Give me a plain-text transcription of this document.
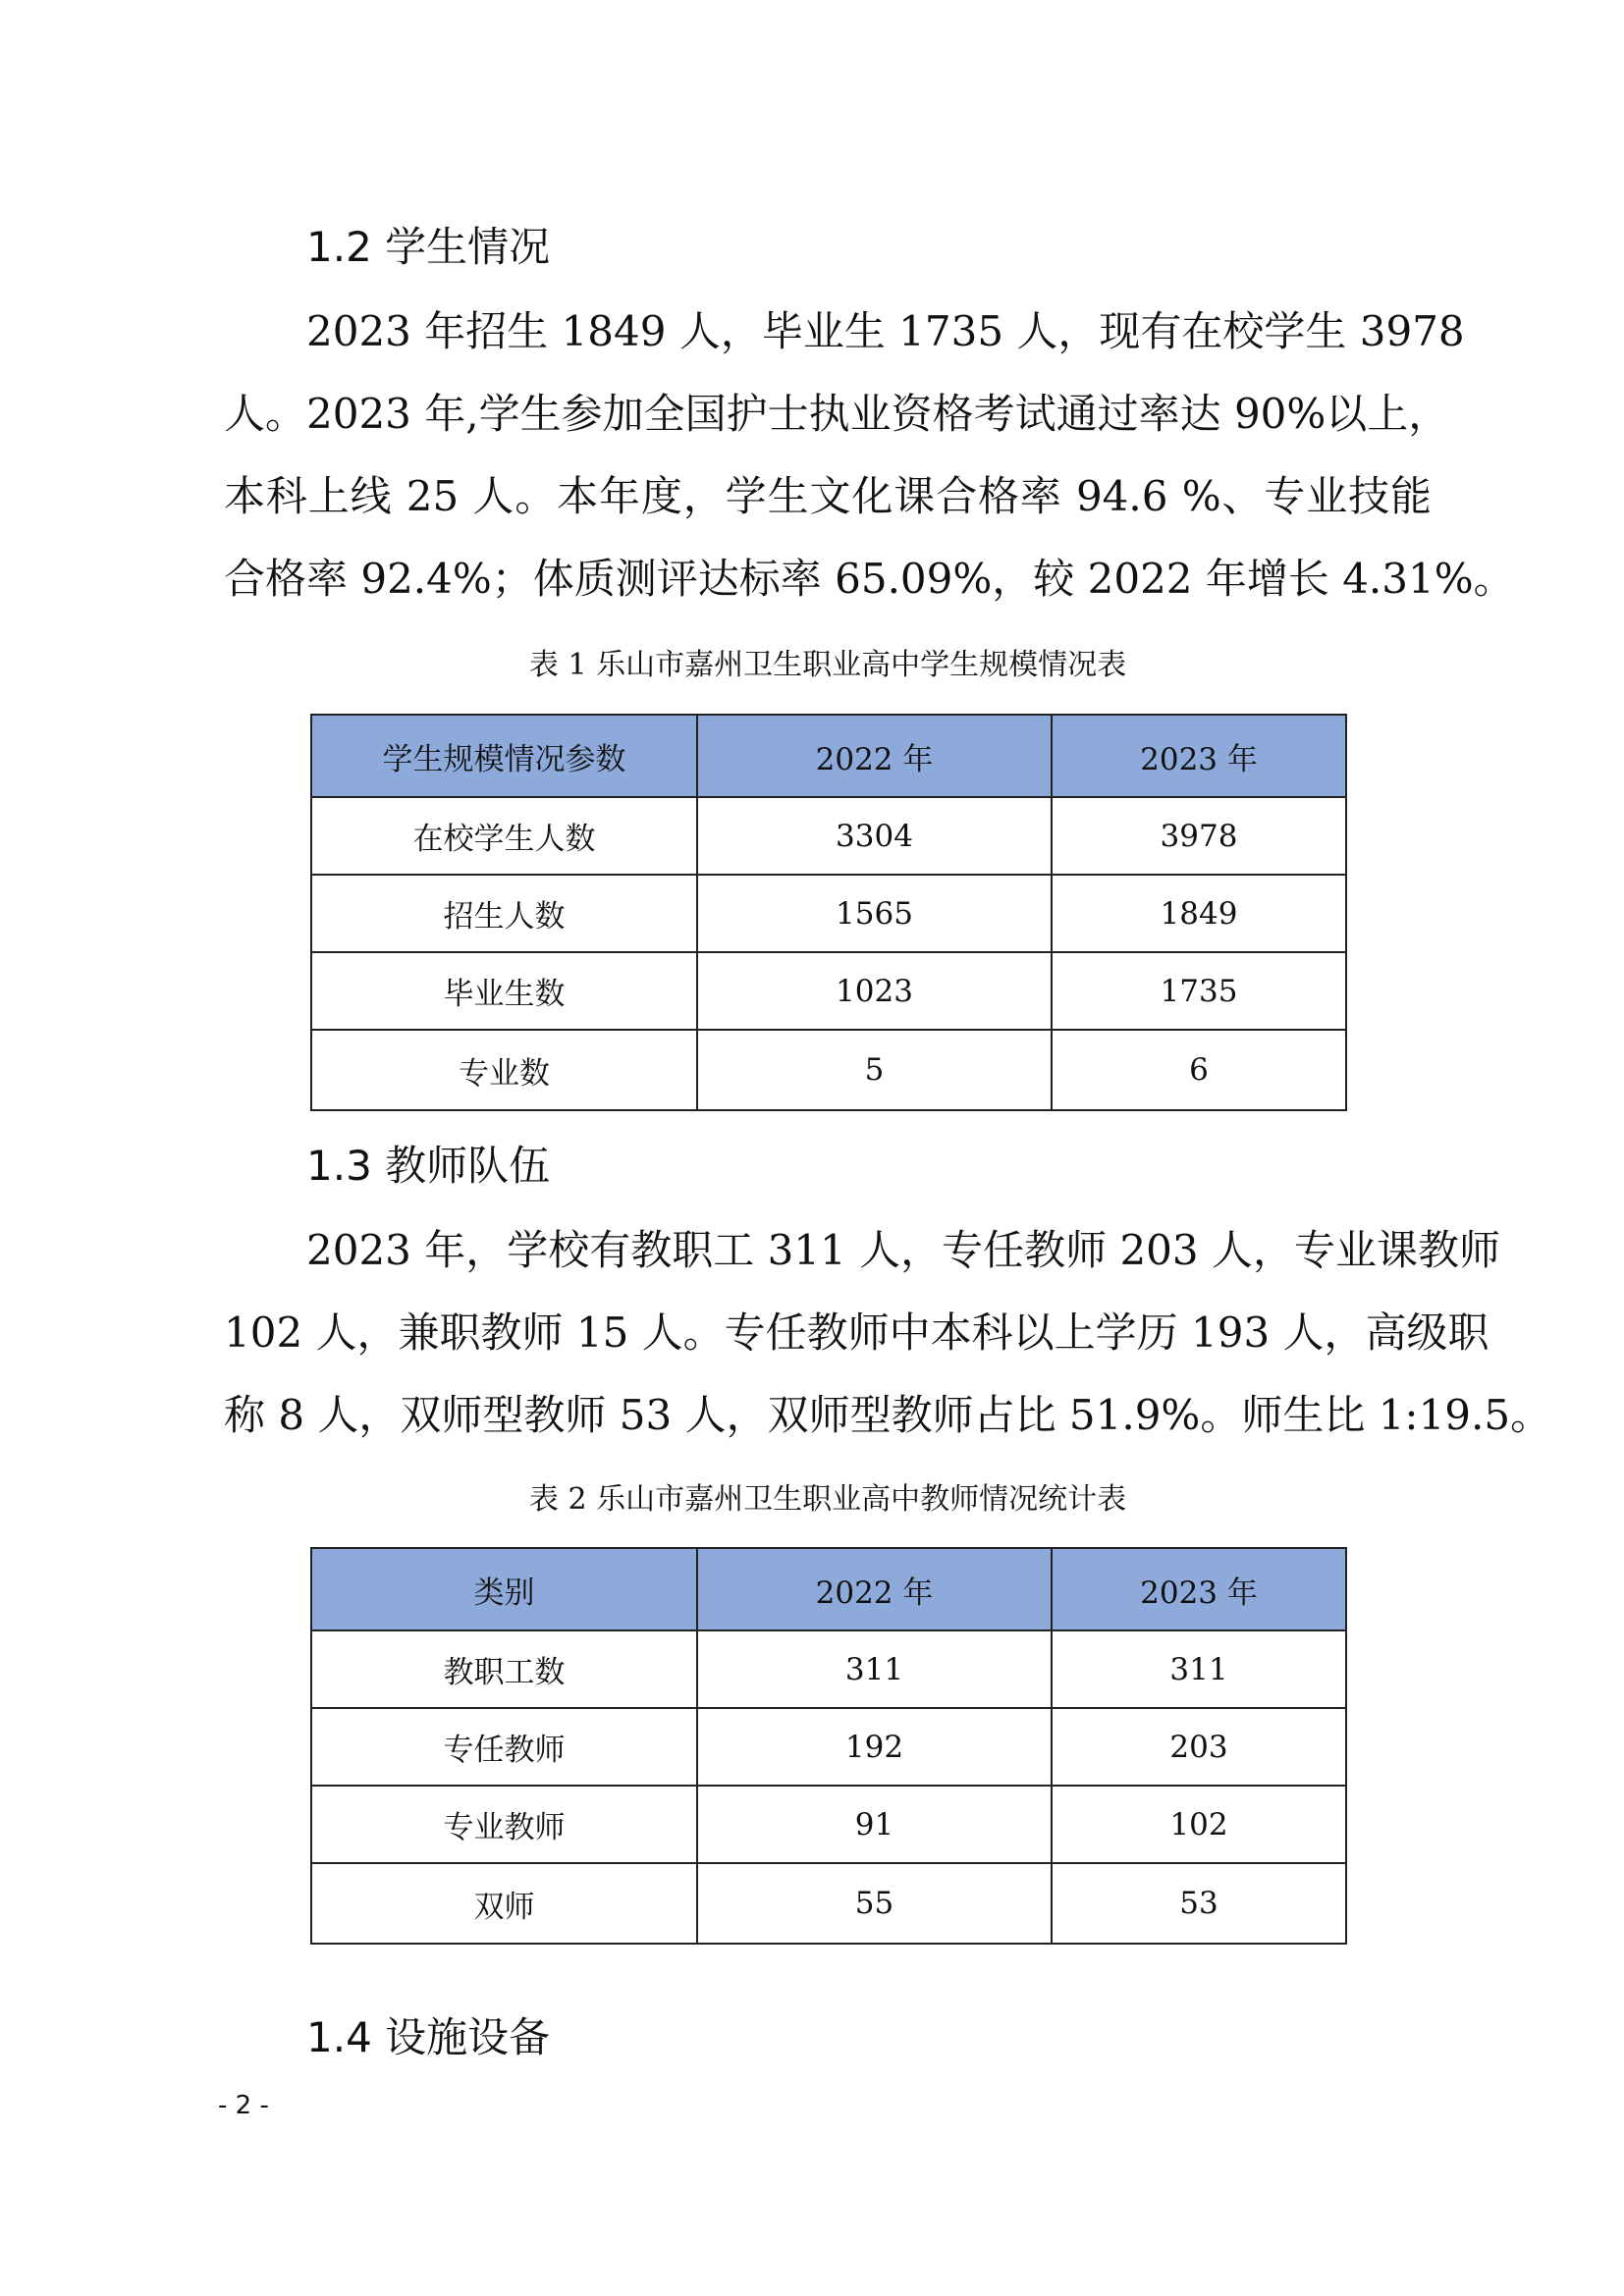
1.2 学生情况
2023 年招生 1849 人，毕业生 1735 人，现有在校学生 3978
人。2023 年,学生参加全国护士执业资格考试通过率达 90%以上，
本科上线 25 人。本年度，学生文化课合格率 94.6 %、专业技能
合格率 92.4%；体质测评达标率 65.09%，较 2022 年增长 4.31%。

表 1 乐山市嘉州卫生职业高中学生规模情况表

学生规模情况参数	2022 年	2023 年
在校学生人数	3304	3978
招生人数	1565	1849
毕业生数	1023	1735
专业数	5	6
1.3 教师队伍
2023 年，学校有教职工 311 人，专任教师 203 人，专业课教师
102 人，兼职教师 15 人。专任教师中本科以上学历 193 人，高级职
称 8 人，双师型教师 53 人，双师型教师占比 51.9%。师生比 1:19.5。

表 2 乐山市嘉州卫生职业高中教师情况统计表

类别	2022 年	2023 年
教职工数	311	311
专任教师	192	203
专业教师	91	102
双师	55	53
1.4 设施设备
- 2 -
